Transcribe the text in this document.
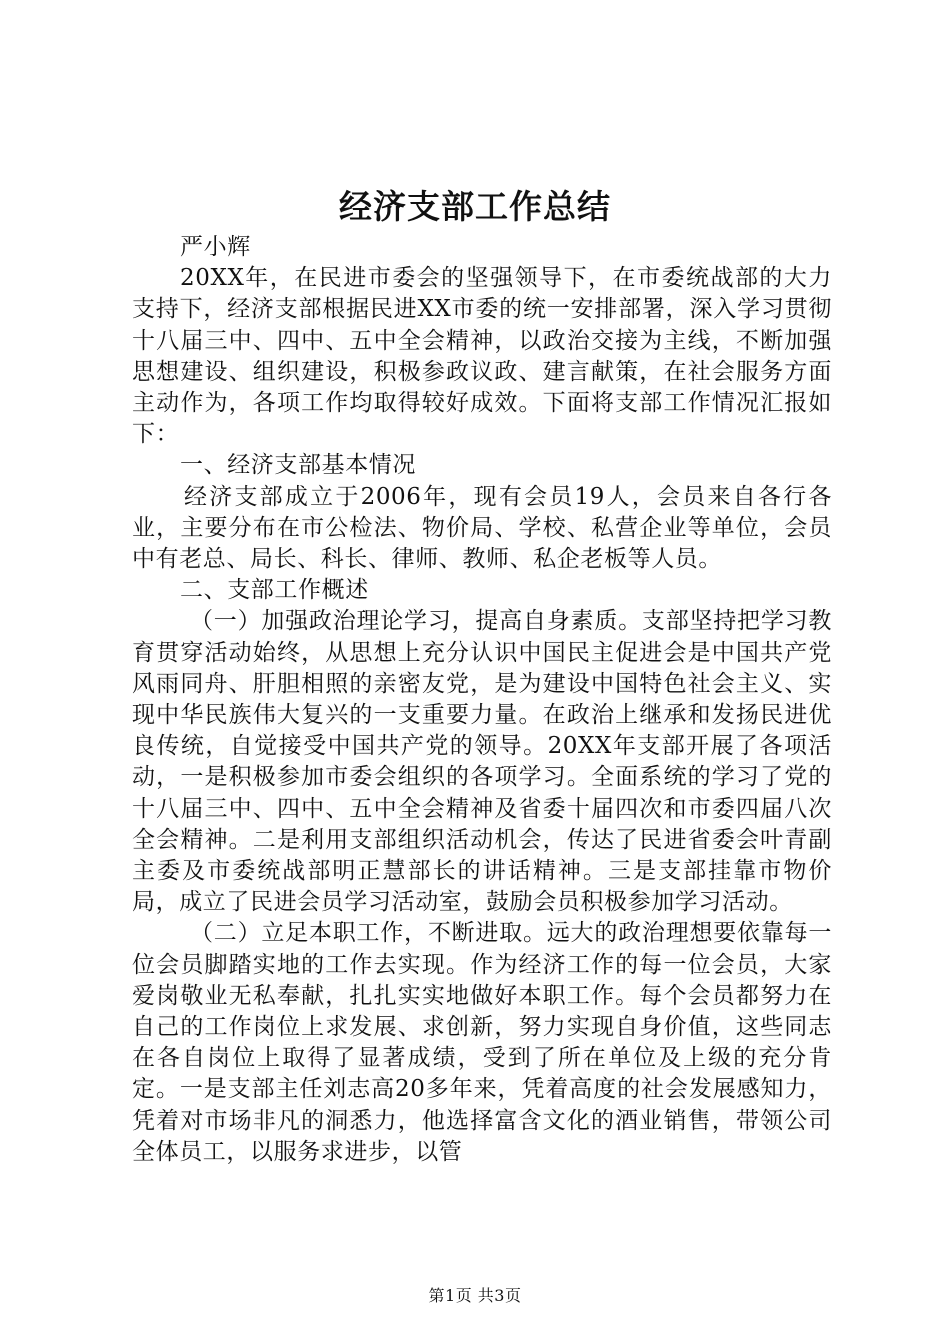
经济支部工作总结

严小辉

20XX年，在民进市委会的坚强领导下，在市委统战部的大力支持下，经济支部根据民进XX市委的统一安排部署，深入学习贯彻十八届三中、四中、五中全会精神，以政治交接为主线，不断加强思想建设、组织建设，积极参政议政、建言献策，在社会服务方面主动作为，各项工作均取得较好成效。下面将支部工作情况汇报如下：

一、经济支部基本情况

经济支部成立于2006年，现有会员19人，会员来自各行各业，主要分布在市公检法、物价局、学校、私营企业等单位，会员中有老总、局长、科长、律师、教师、私企老板等人员。

二、支部工作概述

（一）加强政治理论学习，提高自身素质。支部坚持把学习教育贯穿活动始终，从思想上充分认识中国民主促进会是中国共产党风雨同舟、肝胆相照的亲密友党，是为建设中国特色社会主义、实现中华民族伟大复兴的一支重要力量。在政治上继承和发扬民进优良传统，自觉接受中国共产党的领导。20XX年支部开展了各项活动，一是积极参加市委会组织的各项学习。全面系统的学习了党的十八届三中、四中、五中全会精神及省委十届四次和市委四届八次全会精神。二是利用支部组织活动机会，传达了民进省委会叶青副主委及市委统战部明正慧部长的讲话精神。三是支部挂靠市物价局，成立了民进会员学习活动室，鼓励会员积极参加学习活动。

（二）立足本职工作，不断进取。远大的政治理想要依靠每一位会员脚踏实地的工作去实现。作为经济工作的每一位会员，大家爱岗敬业无私奉献，扎扎实实地做好本职工作。每个会员都努力在自己的工作岗位上求发展、求创新，努力实现自身价值，这些同志在各自岗位上取得了显著成绩，受到了所在单位及上级的充分肯定。一是支部主任刘志高20多年来，凭着高度的社会发展感知力，凭着对市场非凡的洞悉力，他选择富含文化的酒业销售，带领公司全体员工，以服务求进步，以管

第1页 共3页
